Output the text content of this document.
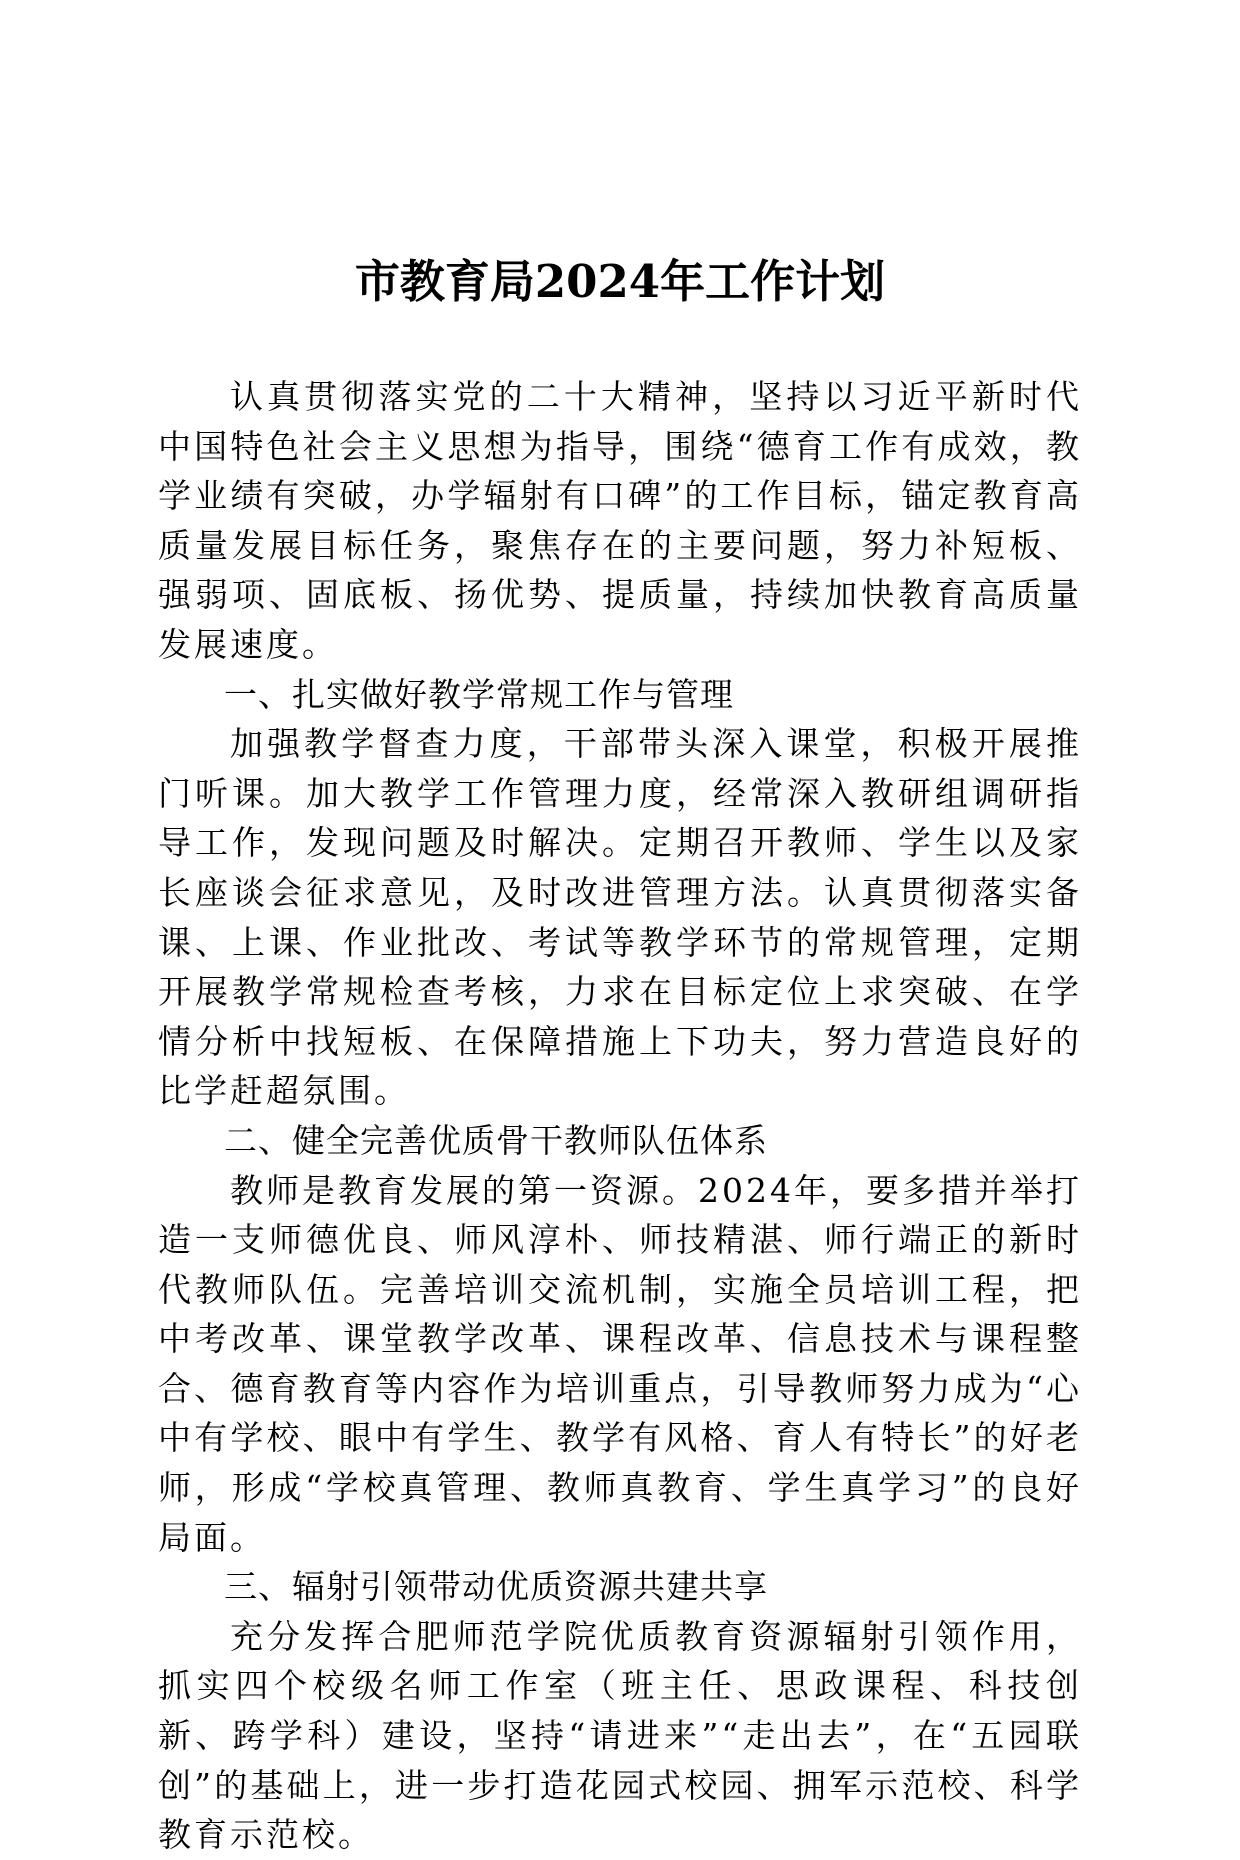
市教育局2024年工作计划

认真贯彻落实党的二十大精神，坚持以习近平新时代中国特色社会主义思想为指导，围绕“德育工作有成效，教学业绩有突破，办学辐射有口碑”的工作目标，锚定教育高质量发展目标任务，聚焦存在的主要问题，努力补短板、强弱项、固底板、扬优势、提质量，持续加快教育高质量发展速度。

一、扎实做好教学常规工作与管理

加强教学督查力度，干部带头深入课堂，积极开展推门听课。加大教学工作管理力度，经常深入教研组调研指导工作，发现问题及时解决。定期召开教师、学生以及家长座谈会征求意见，及时改进管理方法。认真贯彻落实备课、上课、作业批改、考试等教学环节的常规管理，定期开展教学常规检查考核，力求在目标定位上求突破、在学情分析中找短板、在保障措施上下功夫，努力营造良好的比学赶超氛围。

二、健全完善优质骨干教师队伍体系

教师是教育发展的第一资源。2024年，要多措并举打造一支师德优良、师风淳朴、师技精湛、师行端正的新时代教师队伍。完善培训交流机制，实施全员培训工程，把中考改革、课堂教学改革、课程改革、信息技术与课程整合、德育教育等内容作为培训重点，引导教师努力成为“心中有学校、眼中有学生、教学有风格、育人有特长”的好老师，形成“学校真管理、教师真教育、学生真学习”的良好局面。

三、辐射引领带动优质资源共建共享

充分发挥合肥师范学院优质教育资源辐射引领作用，抓实四个校级名师工作室（班主任、思政课程、科技创新、跨学科）建设，坚持“请进来”“走出去”，在“五园联创”的基础上，进一步打造花园式校园、拥军示范校、科学教育示范校。
